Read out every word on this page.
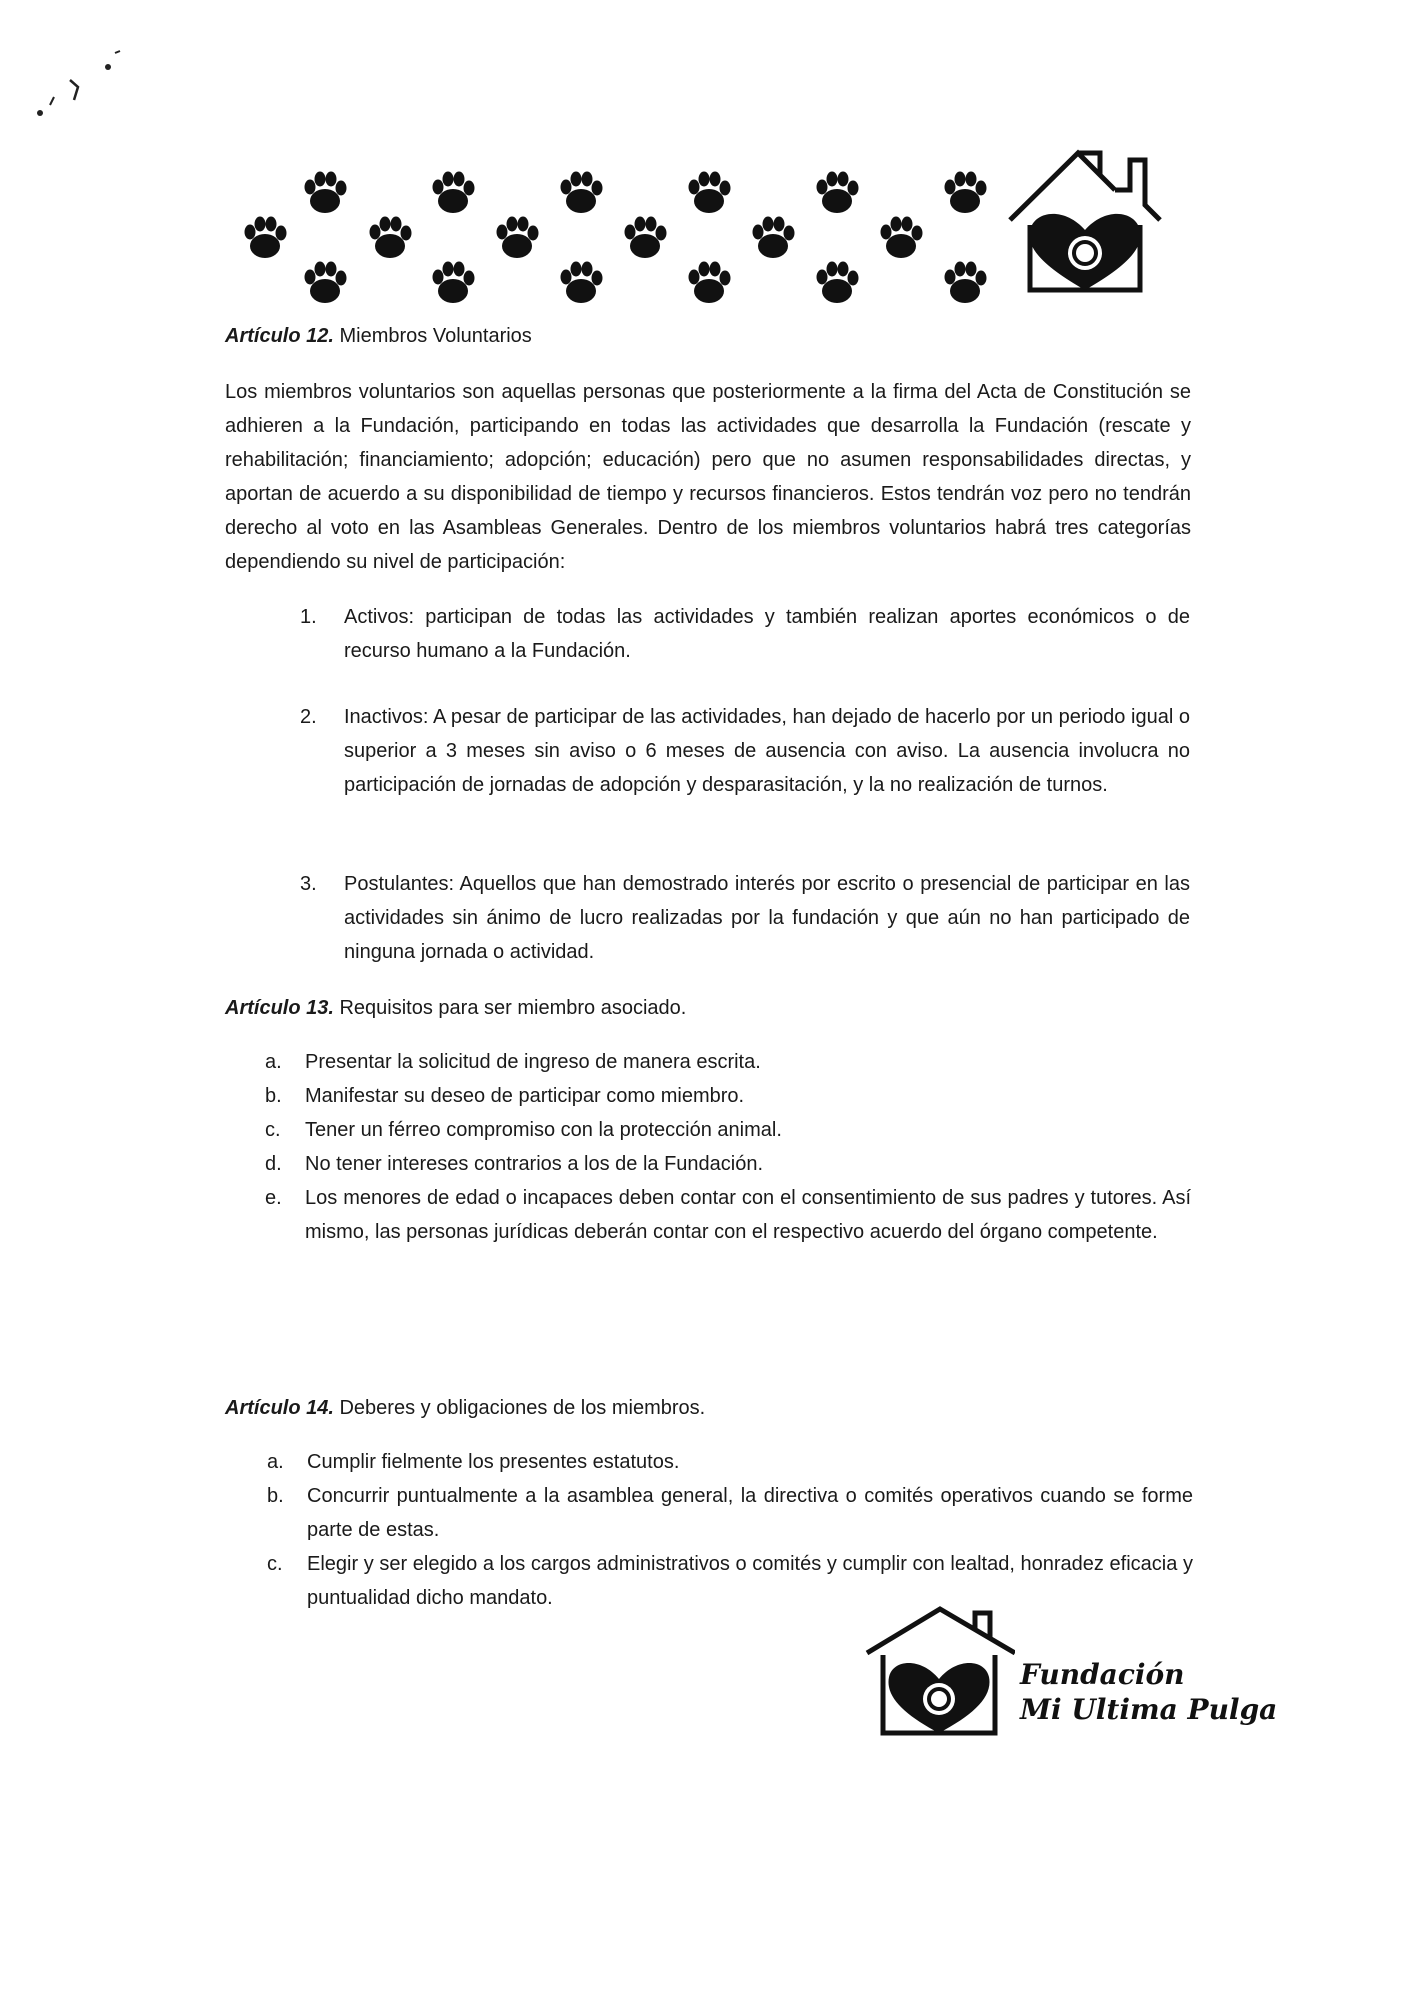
Artículo 12. Miembros Voluntarios
Los miembros voluntarios son aquellas personas que posteriormente a la firma del Acta de Constitución se adhieren a la Fundación, participando en todas las actividades que desarrolla la Fundación (rescate y rehabilitación; financiamiento; adopción; educación) pero que no asumen responsabilidades directas, y aportan de acuerdo a su disponibilidad de tiempo y recursos financieros. Estos tendrán voz pero no tendrán derecho al voto en las Asambleas Generales. Dentro de los miembros voluntarios habrá tres categorías dependiendo su nivel de participación:
1.	Activos: participan de todas las actividades y también realizan aportes económicos o de recurso humano a la Fundación.
2.	Inactivos: A pesar de participar de las actividades, han dejado de hacerlo por un periodo igual o superior a 3 meses sin aviso o 6 meses de ausencia con aviso. La ausencia involucra no participación de jornadas de adopción y desparasitación, y la no realización de turnos.
3.	Postulantes: Aquellos que han demostrado interés por escrito o presencial de participar en las actividades sin ánimo de lucro realizadas por la fundación y que aún no han participado de ninguna jornada o actividad.
Artículo 13. Requisitos para ser miembro asociado.
a.	Presentar la solicitud de ingreso de manera escrita.
b.	Manifestar su deseo de participar como miembro.
c.	Tener un férreo compromiso con la protección animal.
d.	No tener intereses contrarios a los de la Fundación.
e.	Los menores de edad o incapaces deben contar con el consentimiento de sus padres y tutores. Así mismo, las personas jurídicas deberán contar con el respectivo acuerdo del órgano competente.
Artículo 14. Deberes y obligaciones de los miembros.
a.	Cumplir fielmente los presentes estatutos.
b.	Concurrir puntualmente a la asamblea general, la directiva o comités operativos cuando se forme parte de estas.
c.	Elegir y ser elegido a los cargos administrativos o comités y cumplir con lealtad, honradez eficacia y puntualidad dicho mandato.
Fundación
Mi Ultima Pulga
